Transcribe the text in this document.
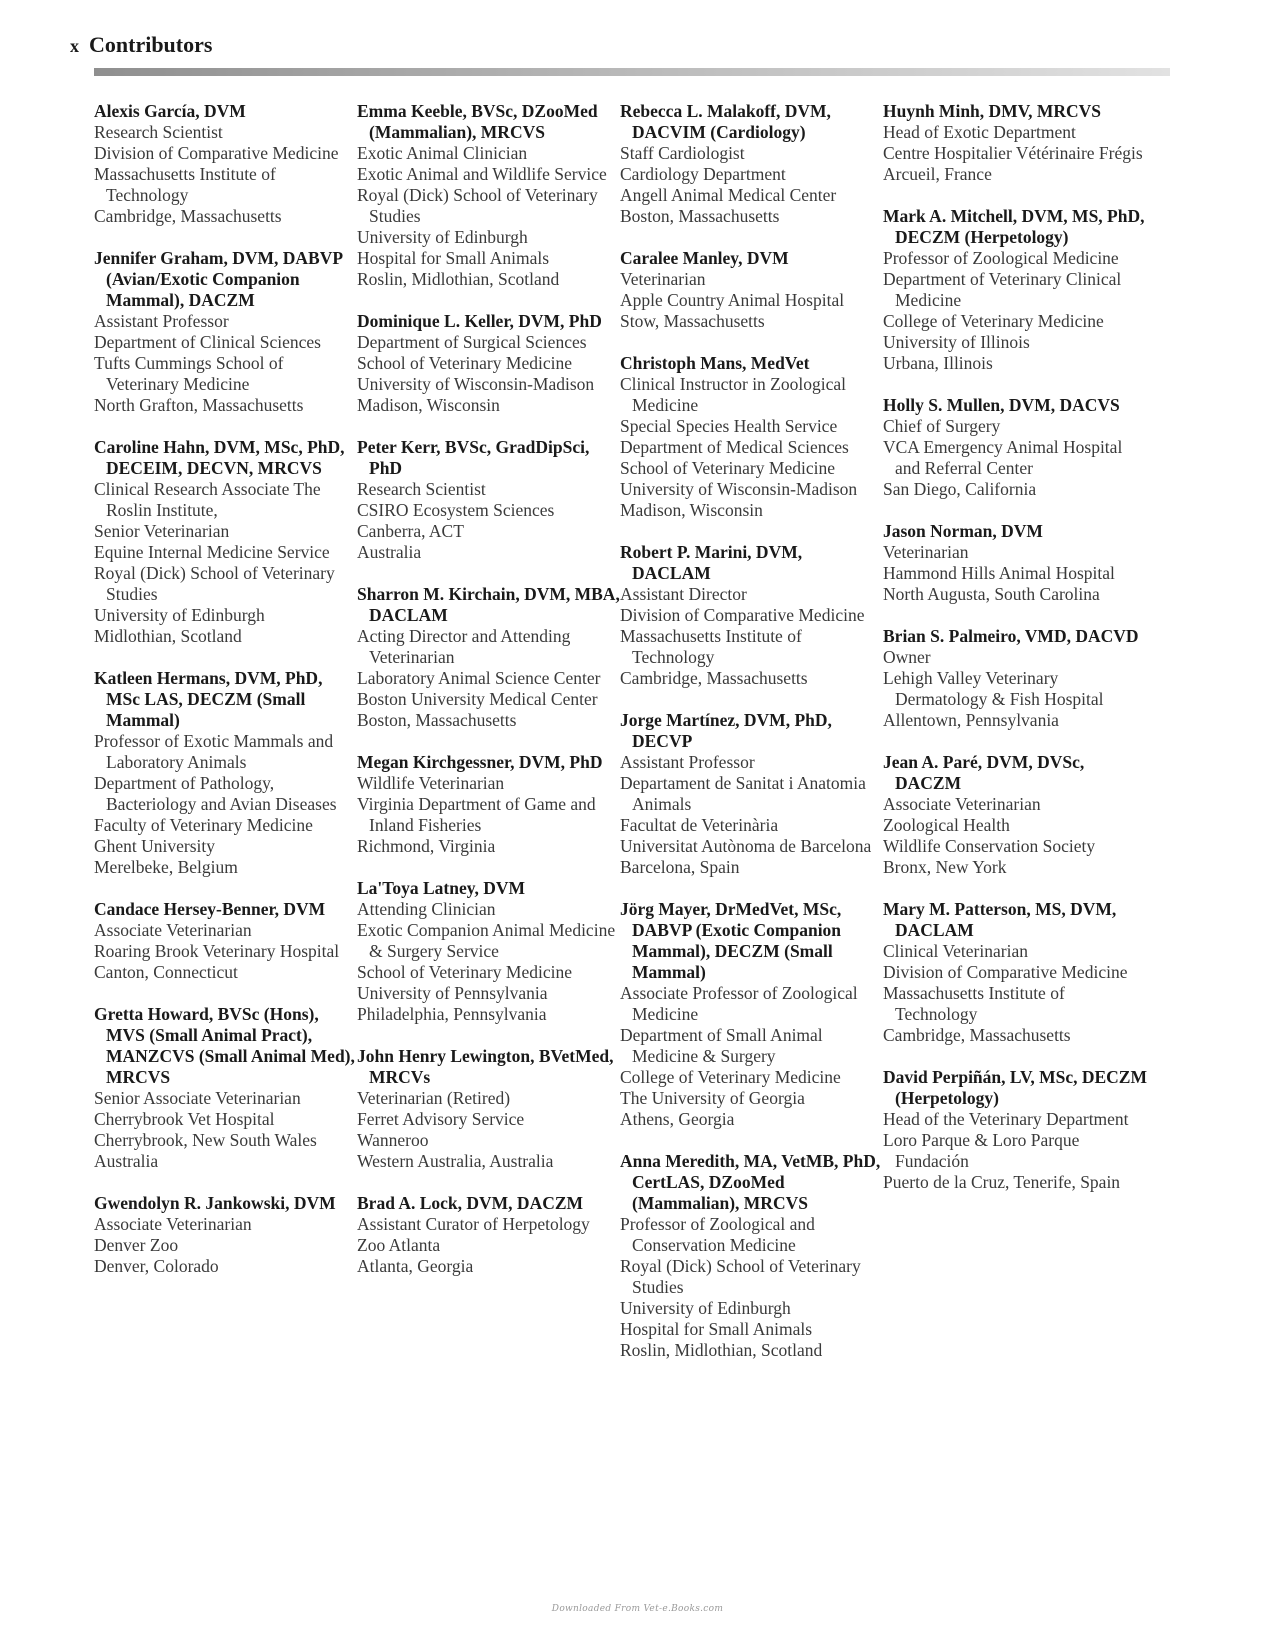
x Contributors
Alexis García, DVM
Research Scientist
Division of Comparative Medicine
Massachusetts Institute of Technology
Cambridge, Massachusetts
Jennifer Graham, DVM, DABVP (Avian/Exotic Companion Mammal), DACZM
Assistant Professor
Department of Clinical Sciences
Tufts Cummings School of Veterinary Medicine
North Grafton, Massachusetts
Caroline Hahn, DVM, MSc, PhD, DECEIM, DECVN, MRCVS
Clinical Research Associate The Roslin Institute,
Senior Veterinarian
Equine Internal Medicine Service
Royal (Dick) School of Veterinary Studies
University of Edinburgh
Midlothian, Scotland
Katleen Hermans, DVM, PhD, MSc LAS, DECZM (Small Mammal)
Professor of Exotic Mammals and Laboratory Animals
Department of Pathology, Bacteriology and Avian Diseases
Faculty of Veterinary Medicine
Ghent University
Merelbeke, Belgium
Candace Hersey-Benner, DVM
Associate Veterinarian
Roaring Brook Veterinary Hospital
Canton, Connecticut
Gretta Howard, BVSc (Hons), MVS (Small Animal Pract), MANZCVS (Small Animal Med), MRCVS
Senior Associate Veterinarian
Cherrybrook Vet Hospital
Cherrybrook, New South Wales
Australia
Gwendolyn R. Jankowski, DVM
Associate Veterinarian
Denver Zoo
Denver, Colorado
Emma Keeble, BVSc, DZooMed (Mammalian), MRCVS
Exotic Animal Clinician
Exotic Animal and Wildlife Service
Royal (Dick) School of Veterinary Studies
University of Edinburgh
Hospital for Small Animals
Roslin, Midlothian, Scotland
Dominique L. Keller, DVM, PhD
Department of Surgical Sciences
School of Veterinary Medicine
University of Wisconsin-Madison
Madison, Wisconsin
Peter Kerr, BVSc, GradDipSci, PhD
Research Scientist
CSIRO Ecosystem Sciences
Canberra, ACT
Australia
Sharron M. Kirchain, DVM, MBA, DACLAM
Acting Director and Attending Veterinarian
Laboratory Animal Science Center
Boston University Medical Center
Boston, Massachusetts
Megan Kirchgessner, DVM, PhD
Wildlife Veterinarian
Virginia Department of Game and Inland Fisheries
Richmond, Virginia
La'Toya Latney, DVM
Attending Clinician
Exotic Companion Animal Medicine & Surgery Service
School of Veterinary Medicine
University of Pennsylvania
Philadelphia, Pennsylvania
John Henry Lewington, BVetMed, MRCVs
Veterinarian (Retired)
Ferret Advisory Service
Wanneroo
Western Australia, Australia
Brad A. Lock, DVM, DACZM
Assistant Curator of Herpetology
Zoo Atlanta
Atlanta, Georgia
Rebecca L. Malakoff, DVM, DACVIM (Cardiology)
Staff Cardiologist
Cardiology Department
Angell Animal Medical Center
Boston, Massachusetts
Caralee Manley, DVM
Veterinarian
Apple Country Animal Hospital
Stow, Massachusetts
Christoph Mans, MedVet
Clinical Instructor in Zoological Medicine
Special Species Health Service
Department of Medical Sciences
School of Veterinary Medicine
University of Wisconsin-Madison
Madison, Wisconsin
Robert P. Marini, DVM, DACLAM
Assistant Director
Division of Comparative Medicine
Massachusetts Institute of Technology
Cambridge, Massachusetts
Jorge Martínez, DVM, PhD, DECVP
Assistant Professor
Departament de Sanitat i Anatomia Animals
Facultat de Veterinària
Universitat Autònoma de Barcelona
Barcelona, Spain
Jörg Mayer, DrMedVet, MSc, DABVP (Exotic Companion Mammal), DECZM (Small Mammal)
Associate Professor of Zoological Medicine
Department of Small Animal Medicine & Surgery
College of Veterinary Medicine
The University of Georgia
Athens, Georgia
Anna Meredith, MA, VetMB, PhD, CertLAS, DZooMed (Mammalian), MRCVS
Professor of Zoological and Conservation Medicine
Royal (Dick) School of Veterinary Studies
University of Edinburgh
Hospital for Small Animals
Roslin, Midlothian, Scotland
Huynh Minh, DMV, MRCVS
Head of Exotic Department
Centre Hospitalier Vétérinaire Frégis
Arcueil, France
Mark A. Mitchell, DVM, MS, PhD, DECZM (Herpetology)
Professor of Zoological Medicine
Department of Veterinary Clinical Medicine
College of Veterinary Medicine
University of Illinois
Urbana, Illinois
Holly S. Mullen, DVM, DACVS
Chief of Surgery
VCA Emergency Animal Hospital and Referral Center
San Diego, California
Jason Norman, DVM
Veterinarian
Hammond Hills Animal Hospital
North Augusta, South Carolina
Brian S. Palmeiro, VMD, DACVD
Owner
Lehigh Valley Veterinary Dermatology & Fish Hospital
Allentown, Pennsylvania
Jean A. Paré, DVM, DVSc, DACZM
Associate Veterinarian
Zoological Health
Wildlife Conservation Society
Bronx, New York
Mary M. Patterson, MS, DVM, DACLAM
Clinical Veterinarian
Division of Comparative Medicine
Massachusetts Institute of Technology
Cambridge, Massachusetts
David Perpiñán, LV, MSc, DECZM (Herpetology)
Head of the Veterinary Department
Loro Parque & Loro Parque Fundación
Puerto de la Cruz, Tenerife, Spain
Downloaded From Vet-e.Books.com
